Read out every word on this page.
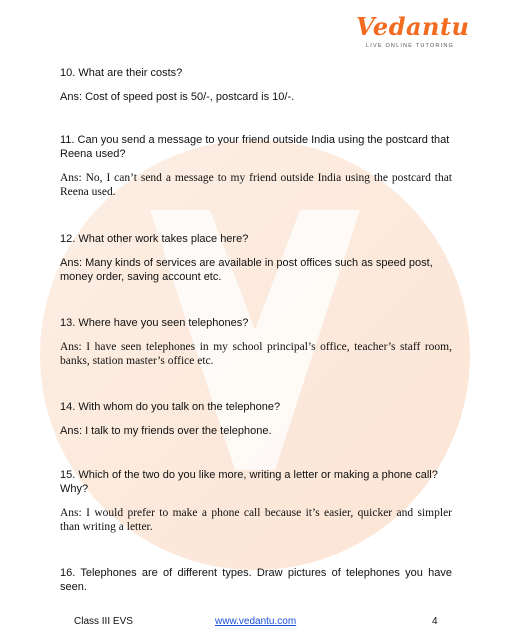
Vedantu
LIVE ONLINE TUTORING
10. What are their costs?
Ans: Cost of speed post is 50/-, postcard is 10/-.
11. Can you send a message to your friend outside India using the postcard that Reena used?
Ans: No, I can’t send a message to my friend outside India using the postcard that Reena used.
12. What other work takes place here?
Ans: Many kinds of services are available in post offices such as speed post, money order, saving account etc.
13. Where have you seen telephones?
Ans: I have seen telephones in my school principal’s office, teacher’s staff room, banks, station master’s office etc.
14. With whom do you talk on the telephone?
Ans: I talk to my friends over the telephone.
15. Which of the two do you like more, writing a letter or making a phone call? Why?
Ans: I would prefer to make a phone call because it’s easier, quicker and simpler than writing a letter.
16. Telephones are of different types. Draw pictures of telephones you have seen.
Class III EVS	www.vedantu.com	4
